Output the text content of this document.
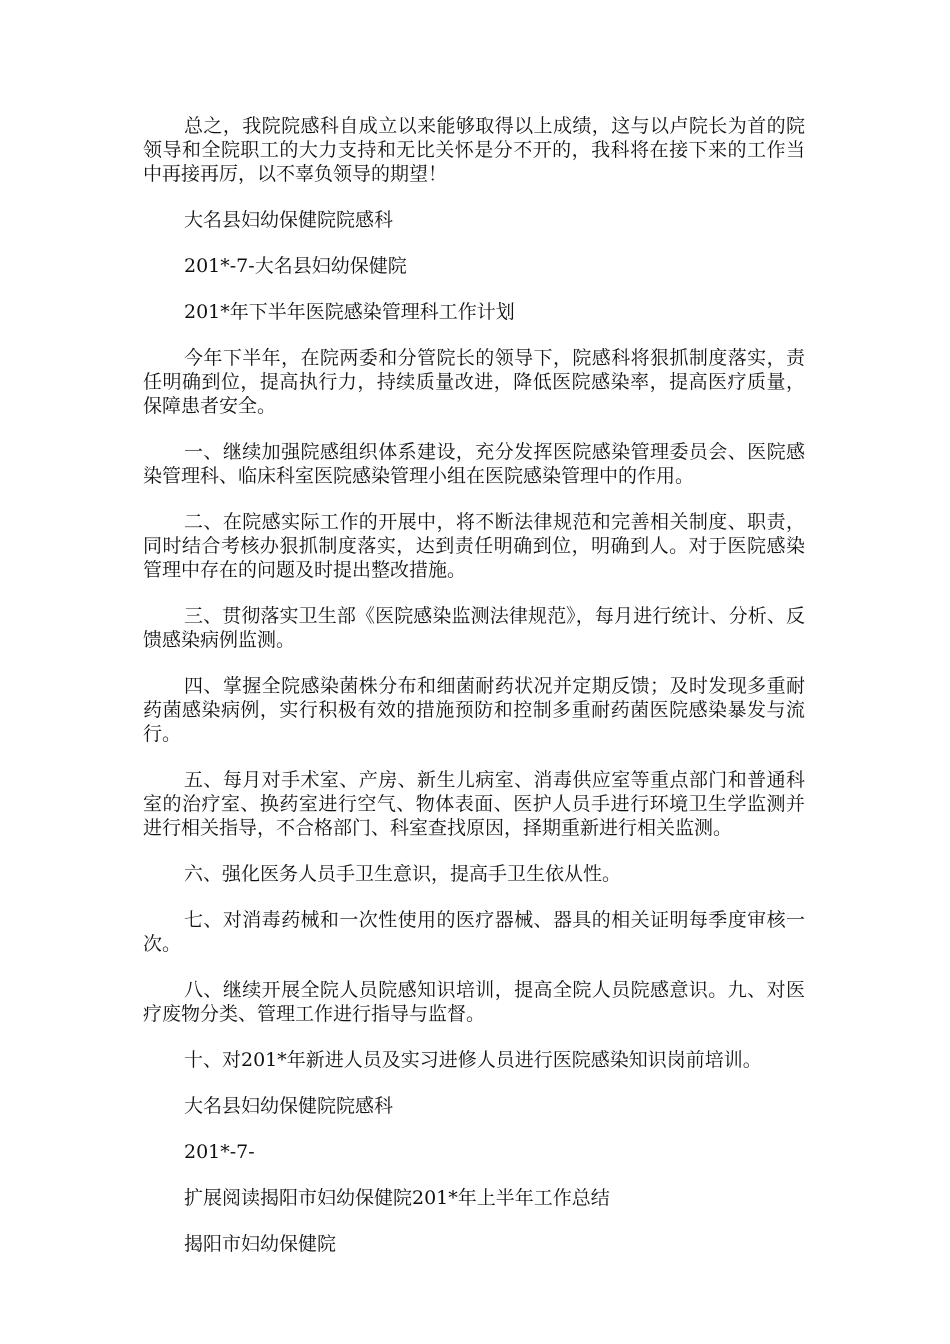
总之，我院院感科自成立以来能够取得以上成绩，这与以卢院长为首的院领导和全院职工的大力支持和无比关怀是分不开的，我科将在接下来的工作当中再接再厉，以不辜负领导的期望！

大名县妇幼保健院院感科

201*-7-大名县妇幼保健院

201*年下半年医院感染管理科工作计划

今年下半年，在院两委和分管院长的领导下，院感科将狠抓制度落实，责任明确到位，提高执行力，持续质量改进，降低医院感染率，提高医疗质量，保障患者安全。

一、继续加强院感组织体系建设，充分发挥医院感染管理委员会、医院感染管理科、临床科室医院感染管理小组在医院感染管理中的作用。

二、在院感实际工作的开展中，将不断法律规范和完善相关制度、职责，同时结合考核办狠抓制度落实，达到责任明确到位，明确到人。对于医院感染管理中存在的问题及时提出整改措施。

三、贯彻落实卫生部《医院感染监测法律规范》，每月进行统计、分析、反馈感染病例监测。

四、掌握全院感染菌株分布和细菌耐药状况并定期反馈；及时发现多重耐药菌感染病例，实行积极有效的措施预防和控制多重耐药菌医院感染暴发与流行。

五、每月对手术室、产房、新生儿病室、消毒供应室等重点部门和普通科室的治疗室、换药室进行空气、物体表面、医护人员手进行环境卫生学监测并进行相关指导，不合格部门、科室查找原因，择期重新进行相关监测。

六、强化医务人员手卫生意识，提高手卫生依从性。

七、对消毒药械和一次性使用的医疗器械、器具的相关证明每季度审核一次。

八、继续开展全院人员院感知识培训，提高全院人员院感意识。九、对医疗废物分类、管理工作进行指导与监督。

十、对201*年新进人员及实习进修人员进行医院感染知识岗前培训。

大名县妇幼保健院院感科

201*-7-

扩展阅读揭阳市妇幼保健院201*年上半年工作总结

揭阳市妇幼保健院
